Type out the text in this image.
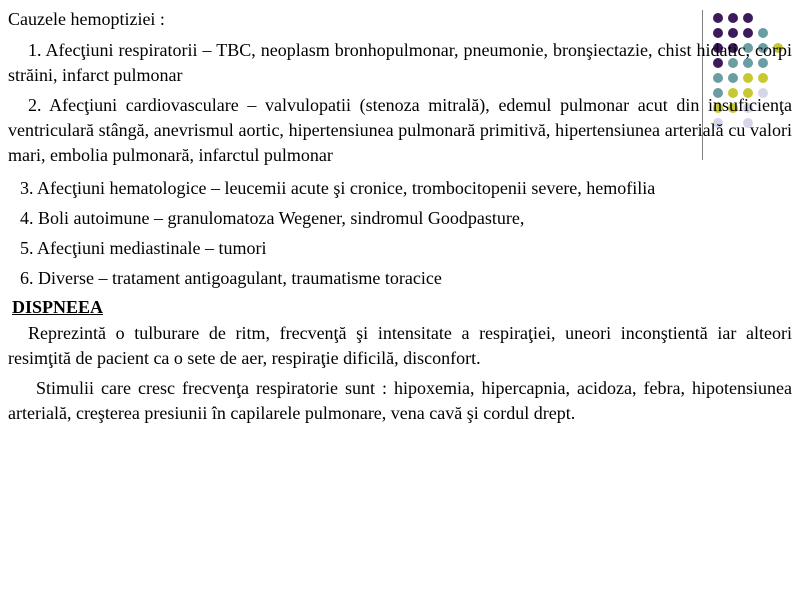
Cauzele hemoptiziei :

1. Afecţiuni respiratorii – TBC, neoplasm bronhopulmonar, pneumonie, bronşiectazie, chist hidatic, corpi străini, infarct pulmonar

2. Afecţiuni cardiovasculare – valvulopatii (stenoza mitrală), edemul pulmonar acut din insuficienţa ventriculară stângă, anevrismul aortic, hipertensiunea pulmonară primitivă, hipertensiunea arterială cu valori mari, embolia pulmonară, infarctul pulmonar

3. Afecţiuni hematologice – leucemii acute şi cronice, trombocitopenii severe, hemofilia

4. Boli autoimune – granulomatoza Wegener, sindromul Goodpasture,

5. Afecţiuni mediastinale – tumori

6. Diverse – tratament antigoagulant, traumatisme toracice

DISPNEEA

Reprezintă o tulburare de ritm, frecvenţă şi intensitate a respiraţiei, uneori inconştientă iar alteori resimţită de pacient ca o sete de aer, respiraţie dificilă, disconfort.

Stimulii care cresc frecvenţa respiratorie sunt : hipoxemia, hipercapnia, acidoza, febra, hipotensiunea arterială, creşterea presiunii în capilarele pulmonare, vena cavă şi cordul drept.
